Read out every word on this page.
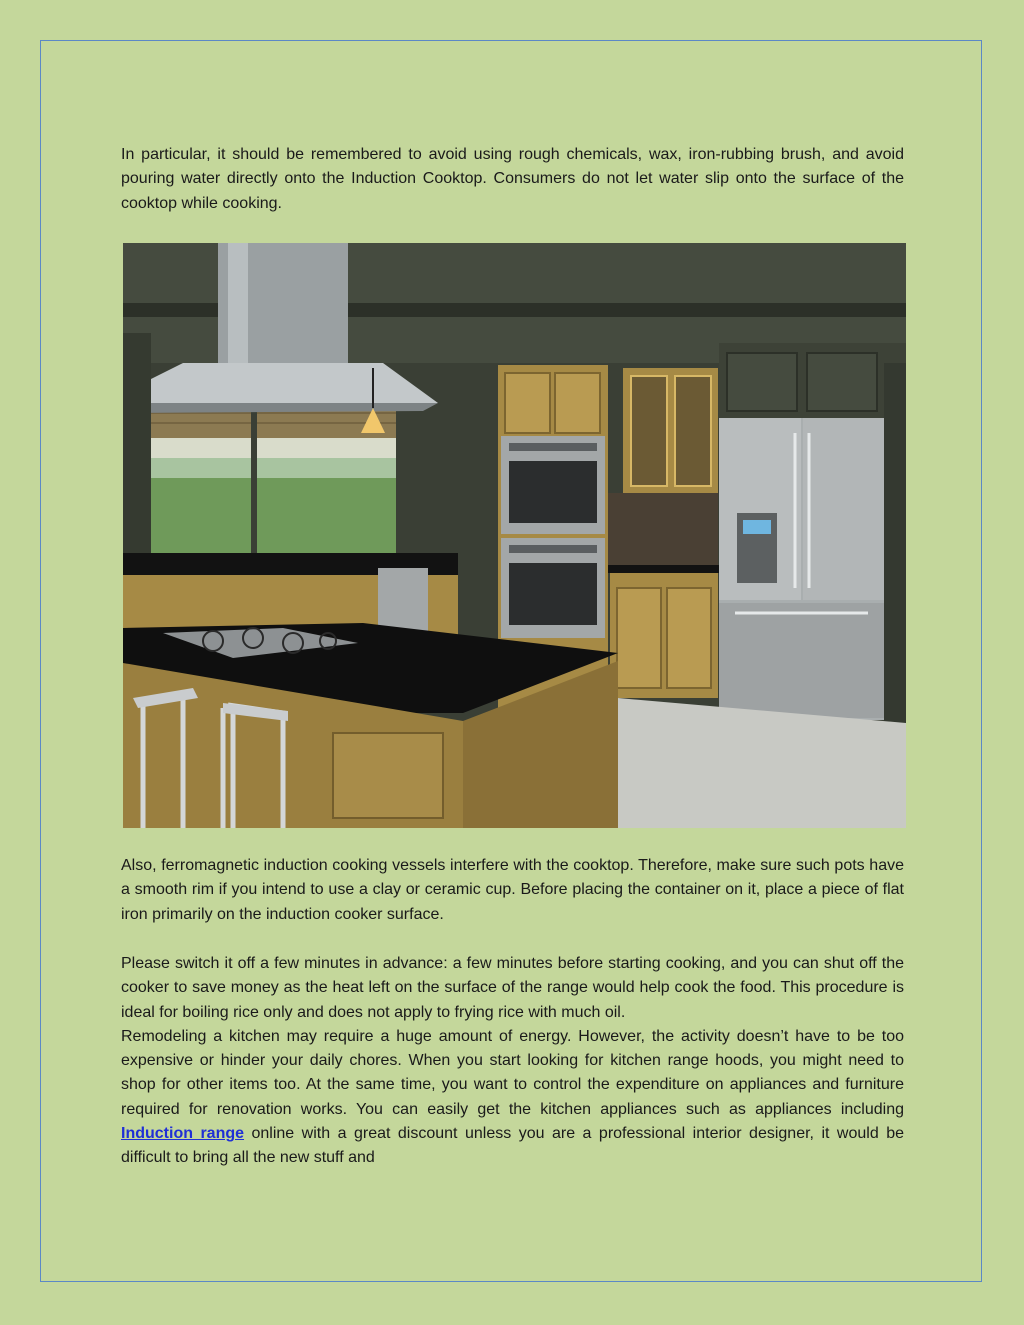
In particular, it should be remembered to avoid using rough chemicals, wax, iron-rubbing brush, and avoid pouring water directly onto the Induction Cooktop. Consumers do not let water slip onto the surface of the cooktop while cooking.

Also, ferromagnetic induction cooking vessels interfere with the cooktop. Therefore, make sure such pots have a smooth rim if you intend to use a clay or ceramic cup. Before placing the container on it, place a piece of flat iron primarily on the induction cooker surface.

Please switch it off a few minutes in advance: a few minutes before starting cooking, and you can shut off the cooker to save money as the heat left on the surface of the range would help cook the food. This procedure is ideal for boiling rice only and does not apply to frying rice with much oil.
Remodeling a kitchen may require a huge amount of energy. However, the activity doesn’t have to be too expensive or hinder your daily chores. When you start looking for kitchen range hoods, you might need to shop for other items too. At the same time, you want to control the expenditure on appliances and furniture required for renovation works. You can easily get the kitchen appliances such as appliances including Induction range online with a great discount unless you are a professional interior designer, it would be difficult to bring all the new stuff and
